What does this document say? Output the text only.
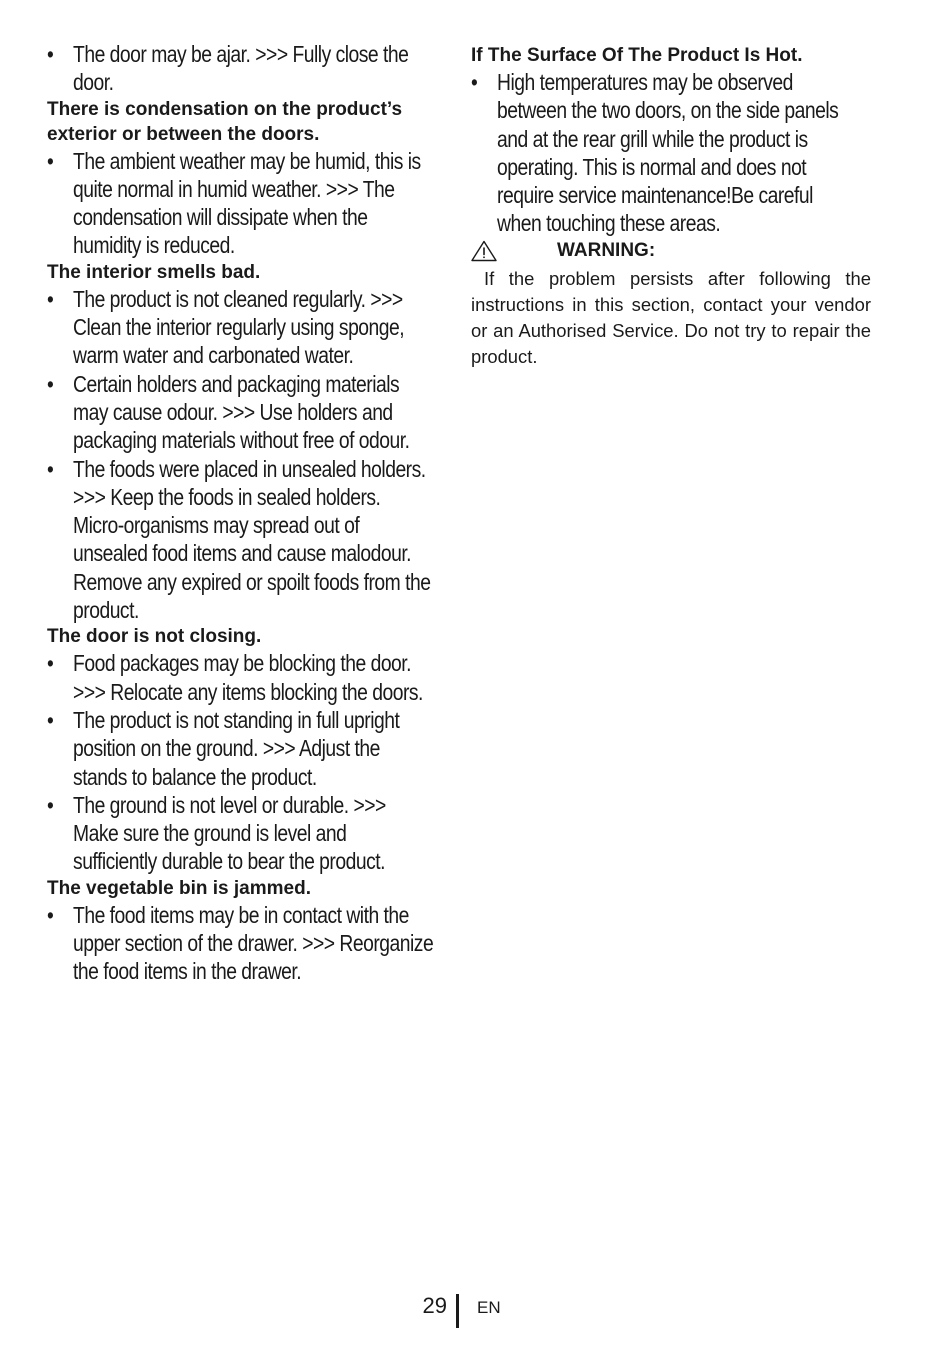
• The door may be ajar. >>> Fully close the door.

There is condensation on the product’s exterior or between the doors.

• The ambient weather may be humid, this is quite normal in humid weather. >>> The condensation will dissipate when the humidity is reduced.

The interior smells bad.

• The product is not cleaned regularly. >>> Clean the interior regularly using sponge, warm water and carbonated water.
• Certain holders and packaging materials may cause odour. >>> Use holders and packaging materials without free of odour.
• The foods were placed in unsealed holders. >>> Keep the foods in sealed holders. Micro-organisms may spread out of unsealed food items and cause malodour. Remove any expired or spoilt foods from the product.

The door is not closing.

• Food packages may be blocking the door. >>> Relocate any items blocking the doors.
• The product is not standing in full upright position on the ground. >>> Adjust the stands to balance the product.
• The ground is not level or durable. >>> Make sure the ground is level and sufficiently durable to bear the product.

The vegetable bin is jammed.

• The food items may be in contact with the upper section of the drawer. >>> Reorganize the food items in the drawer.

If The Surface Of The Product Is Hot.

• High temperatures may be observed between the two doors, on the side panels and at the rear grill while the product is operating. This is normal and does not require service maintenance!Be careful when touching these areas.
WARNING:

If the problem persists after following the instructions in this section, contact your vendor or an Authorised Service. Do not try to repair the product.

29 EN
